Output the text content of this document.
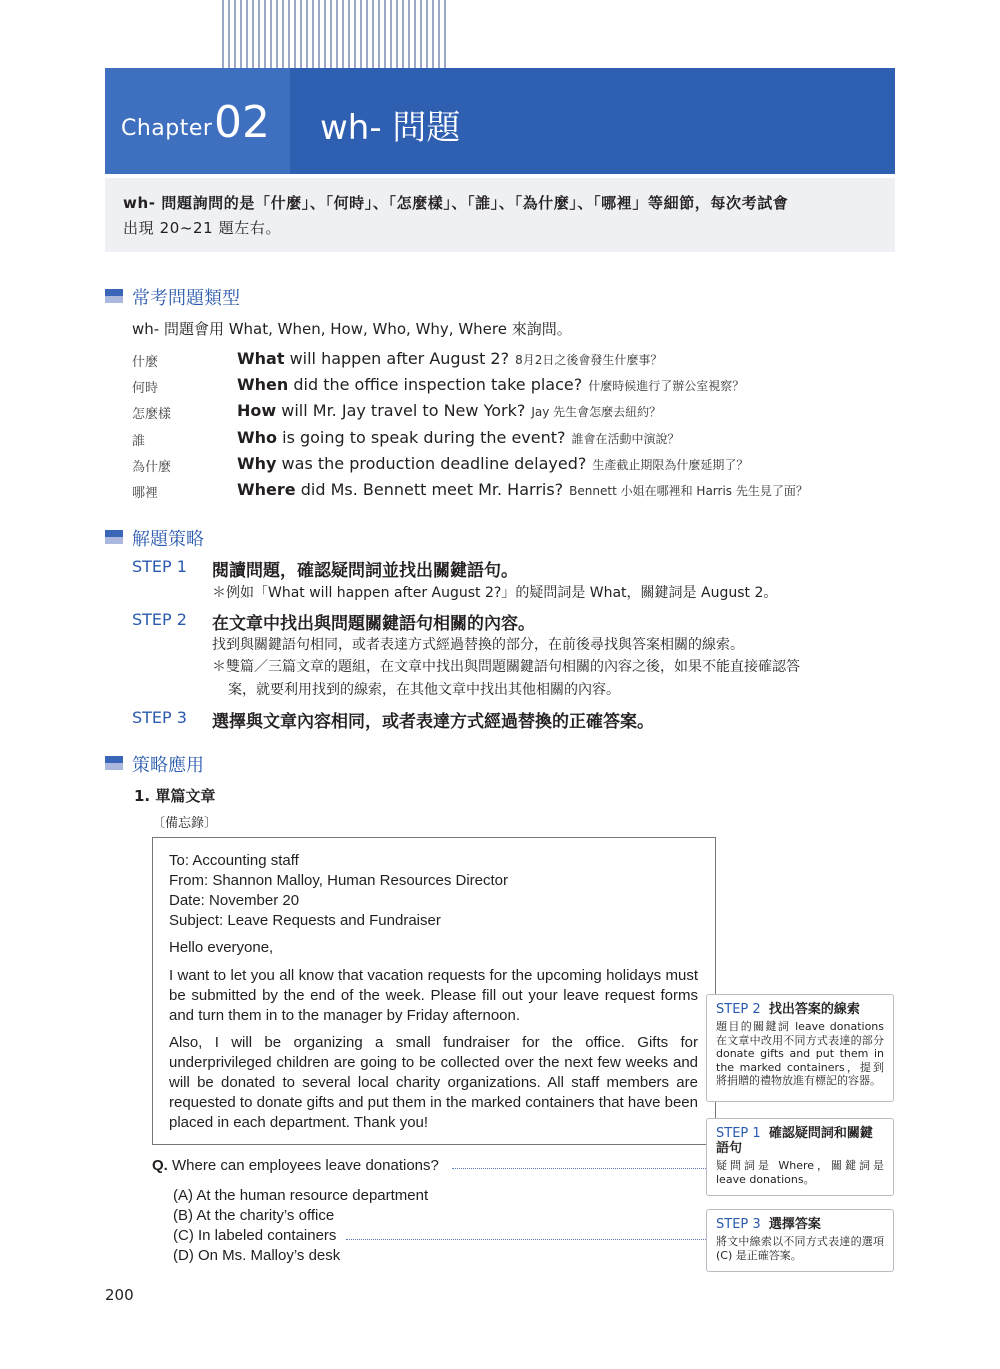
Chapter 02 wh- 問題
wh- 問題詢問的是「什麼」、「何時」、「怎麼樣」、「誰」、「為什麼」、「哪裡」等細節，每次考試會
出現 20~21 題左右。
常考問題類型
wh- 問題會用 What, When, How, Who, Why, Where 來詢問。
什麼	What will happen after August 2? 8月2日之後會發生什麼事？
何時	When did the office inspection take place? 什麼時候進行了辦公室視察？
怎麼樣	How will Mr. Jay travel to New York? Jay 先生會怎麼去紐約？
誰	Who is going to speak during the event? 誰會在活動中演說？
為什麼	Why was the production deadline delayed? 生產截止期限為什麼延期了？
哪裡	Where did Ms. Bennett meet Mr. Harris? Bennett 小姐在哪裡和 Harris 先生見了面？
解題策略
STEP 1 閱讀問題，確認疑問詞並找出關鍵語句。
＊例如「What will happen after August 2?」的疑問詞是 What，關鍵詞是 August 2。
STEP 2 在文章中找出與問題關鍵語句相關的內容。
找到與關鍵語句相同，或者表達方式經過替換的部分，在前後尋找與答案相關的線索。
＊雙篇／三篇文章的題組，在文章中找出與問題關鍵語句相關的內容之後，如果不能直接確認答
案，就要利用找到的線索，在其他文章中找出其他相關的內容。
STEP 3 選擇與文章內容相同，或者表達方式經過替換的正確答案。
策略應用
1. 單篇文章
〔備忘錄〕
To: Accounting staff
From: Shannon Malloy, Human Resources Director
Date: November 20
Subject: Leave Requests and Fundraiser
Hello everyone,
I want to let you all know that vacation requests for the upcoming holidays must be submitted by the end of the week. Please fill out your leave request forms and turn them in to the manager by Friday afternoon.
Also, I will be organizing a small fundraiser for the office. Gifts for underprivileged children are going to be collected over the next few weeks and will be donated to several local charity organizations. All staff members are requested to donate gifts and put them in the marked containers that have been placed in each department. Thank you!
Q. Where can employees leave donations?
(A) At the human resource department
(B) At the charity’s office
(C) In labeled containers
(D) On Ms. Malloy’s desk
STEP 2 找出答案的線索
題目的關鍵詞 leave donations 在文章中改用不同方式表達的部分 donate gifts and put them in the marked containers，提到將捐贈的禮物放進有標記的容器。
STEP 1 確認疑問詞和關鍵語句
疑問詞是 Where，關鍵詞是 leave donations。
STEP 3 選擇答案
將文中線索以不同方式表達的選項 (C) 是正確答案。
200
